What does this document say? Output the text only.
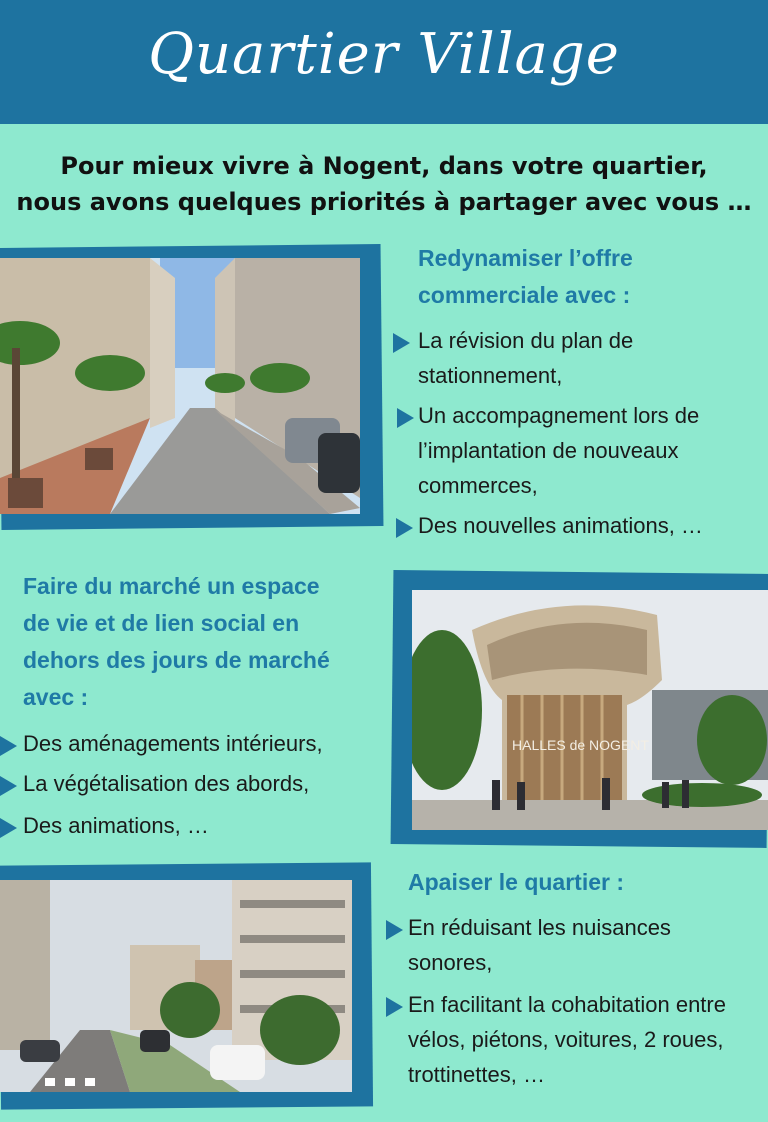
Quartier Village
Pour mieux vivre à Nogent, dans votre quartier,
nous avons quelques priorités à partager avec vous …
Redynamiser l’offre
commerciale avec :
La révision du plan de
stationnement,
Un accompagnement lors de
l’implantation de nouveaux
commerces,
Des nouvelles animations, …
Faire du marché un espace
de vie et de lien social en
dehors des jours de marché
avec :
Des aménagements intérieurs,
La végétalisation des abords,
Des animations, …
HALLES de NOGENT
Apaiser le quartier :
En réduisant les nuisances
sonores,
En facilitant la cohabitation entre
vélos, piétons, voitures, 2 roues,
trottinettes, …
